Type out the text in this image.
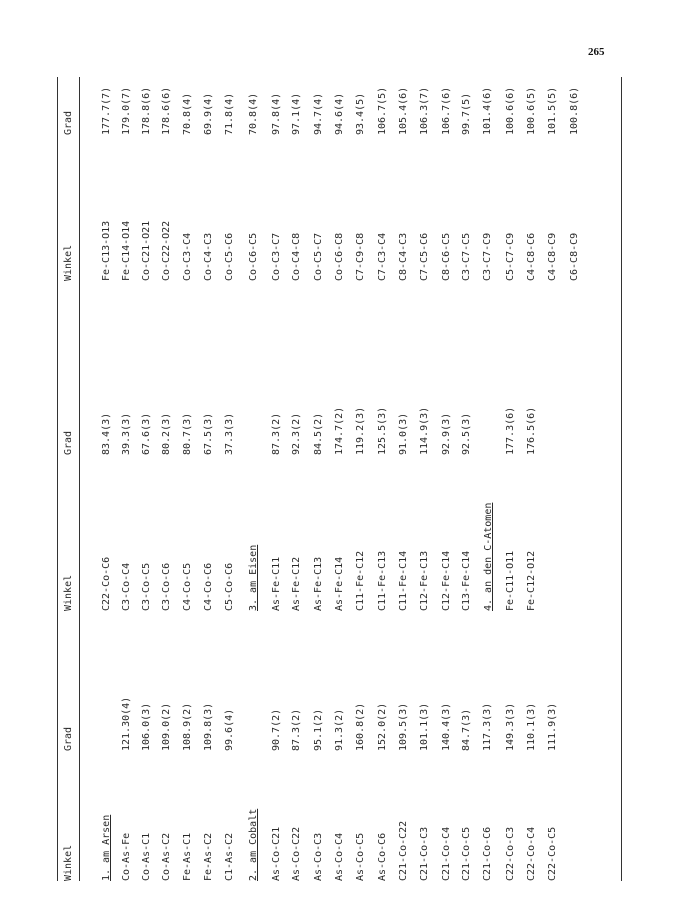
265
Winkel
Grad
Winkel
Grad
Winkel
Grad
1. am Arsen Co-As-Fe
121.30(4)
Co-As-C1
106.0(3)
Co-As-C2
109.0(2)
Fe-As-C1
108.9(2)
Fe-As-C2
109.8(3)
C1-As-C2
99.6(4)
2. am Cobalt As-Co-C21
90.7(2)
As-Co-C22
87.3(2)
As-Co-C3
95.1(2)
As-Co-C4
91.3(2)
As-Co-C5
160.8(2)
As-Co-C6
152.0(2)
C21-Co-C22
109.5(3)
C21-Co-C3
101.1(3)
C21-Co-C4
140.4(3)
C21-Co-C5
84.7(3)
C21-Co-C6
117.3(3)
C22-Co-C3
149.3(3)
C22-Co-C4
110.1(3)
C22-Co-C5
111.9(3)
C22-Co-C6
83.4(3)
C3-Co-C4
39.3(3)
C3-Co-C5
67.6(3)
C3-Co-C6
80.2(3)
C4-Co-C5
80.7(3)
C4-Co-C6
67.5(3)
C5-Co-C6
37.3(3)
3. am Eisen As-Fe-C11
87.3(2)
As-Fe-C12
92.3(2)
As-Fe-C13
84.5(2)
As-Fe-C14
174.7(2)
C11-Fe-C12
119.2(3)
C11-Fe-C13
125.5(3)
C11-Fe-C14
91.0(3)
C12-Fe-C13
114.9(3)
C12-Fe-C14
92.9(3)
C13-Fe-C14
92.5(3)
4. an den C-Atomen Fe-C11-O11
177.3(6)
Fe-C12-O12
176.5(6)
Fe-C13-O13
177.7(7)
Fe-C14-O14
179.0(7)
Co-C21-O21
178.8(6)
Co-C22-O22
178.6(6)
Co-C3-C4
70.8(4)
Co-C4-C3
69.9(4)
Co-C5-C6
71.8(4)
Co-C6-C5
70.8(4)
Co-C3-C7
97.8(4)
Co-C4-C8
97.1(4)
Co-C5-C7
94.7(4)
Co-C6-C8
94.6(4)
C7-C9-C8
93.4(5)
C7-C3-C4
106.7(5)
C8-C4-C3
105.4(6)
C7-C5-C6
106.3(7)
C8-C6-C5
106.7(6)
C3-C7-C5
99.7(5)
C3-C7-C9
101.4(6)
C5-C7-C9
100.6(6)
C4-C8-C6
100.6(5)
C4-C8-C9
101.5(5)
C6-C8-C9
100.8(6)
